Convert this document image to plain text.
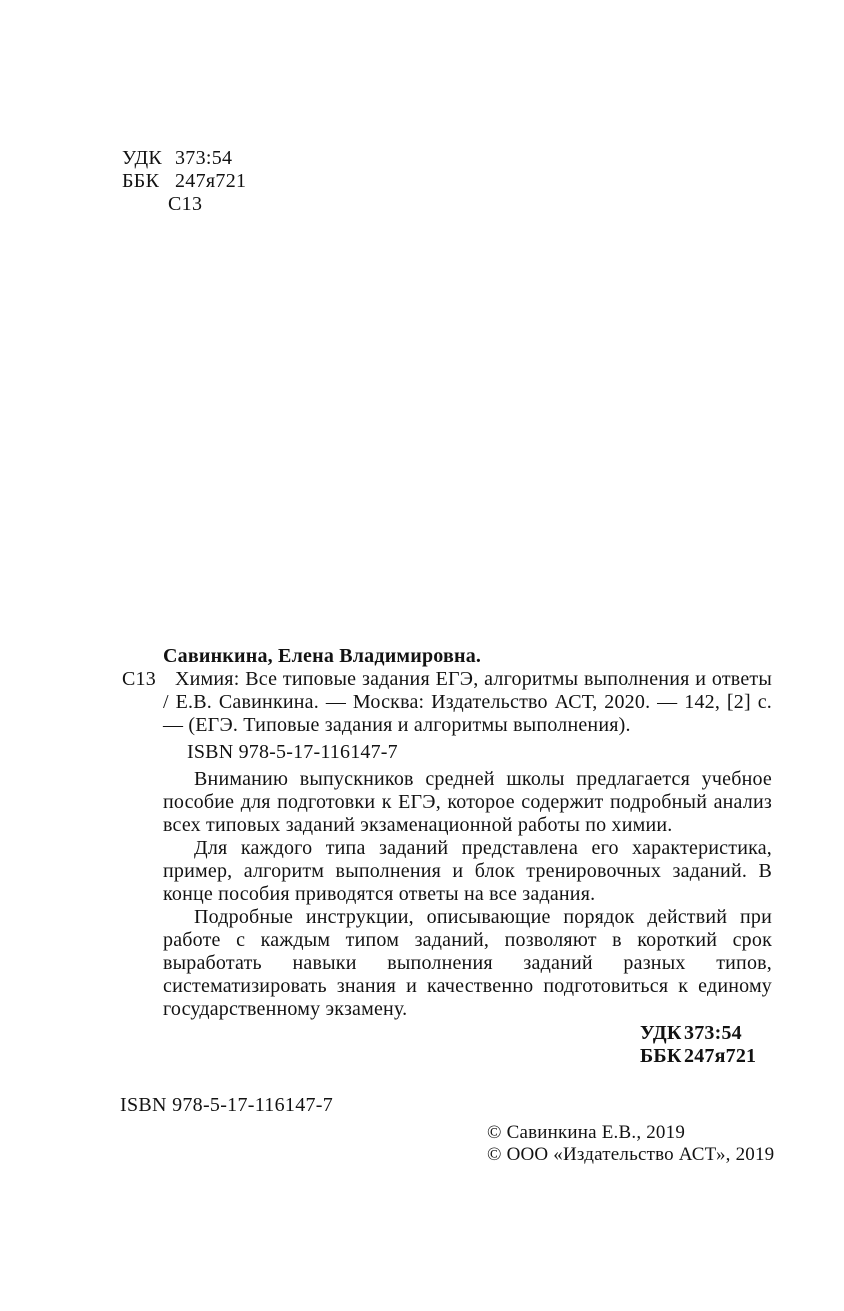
УДК 373:54
ББК 247я721
С13
Савинкина, Елена Владимировна.
С13 Химия: Все типовые задания ЕГЭ, алгоритмы выполнения и ответы / Е.В. Савинкина. — Москва: Издательство АСТ, 2020. — 142, [2] с. — (ЕГЭ. Типовые задания и алгоритмы выполнения).
ISBN 978-5-17-116147-7

Вниманию выпускников средней школы предлагается учебное пособие для подготовки к ЕГЭ, которое содержит подробный анализ всех типовых заданий экзаменационной работы по химии.

Для каждого типа заданий представлена его характеристика, пример, алгоритм выполнения и блок тренировочных заданий. В конце пособия приводятся ответы на все задания.

Подробные инструкции, описывающие порядок действий при работе с каждым типом заданий, позволяют в короткий срок выработать навыки выполнения заданий разных типов, систематизировать знания и качественно подготовиться к единому государственному экзамену.

УДК 373:54
ББК 247я721
ISBN 978-5-17-116147-7
© Савинкина Е.В., 2019
© ООО «Издательство АСТ», 2019
